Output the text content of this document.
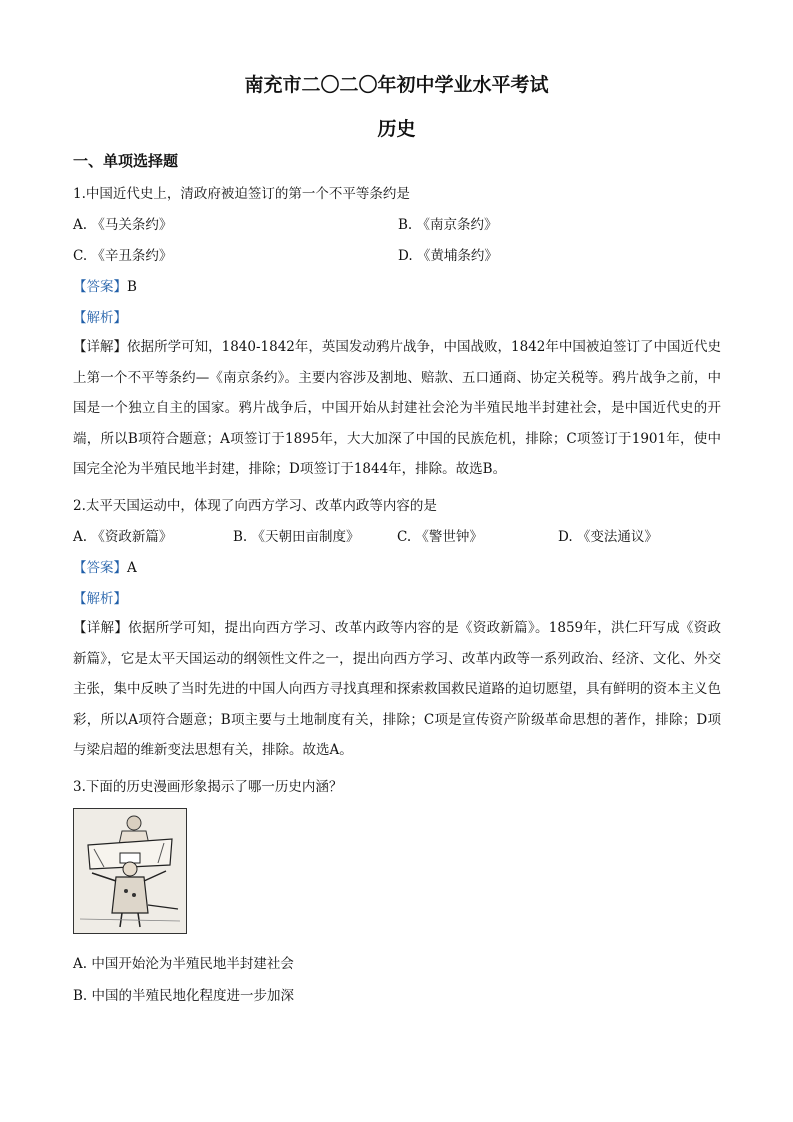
南充市二〇二〇年初中学业水平考试
历史
一、单项选择题
1.中国近代史上，清政府被迫签订的第一个不平等条约是
A. 《马关条约》	B. 《南京条约》
C. 《辛丑条约》	D. 《黄埔条约》
【答案】B
【解析】
【详解】依据所学可知，1840-1842年，英国发动鸦片战争，中国战败，1842年中国被迫签订了中国近代史上第一个不平等条约—《南京条约》。主要内容涉及割地、赔款、五口通商、协定关税等。鸦片战争之前，中国是一个独立自主的国家。鸦片战争后，中国开始从封建社会沦为半殖民地半封建社会，是中国近代史的开端，所以B项符合题意；A项签订于1895年，大大加深了中国的民族危机，排除；C项签订于1901年，使中国完全沦为半殖民地半封建，排除；D项签订于1844年，排除。故选B。
2.太平天国运动中，体现了向西方学习、改革内政等内容的是
A. 《资政新篇》	B. 《天朝田亩制度》	C. 《警世钟》	D. 《变法通议》
【答案】A
【解析】
【详解】依据所学可知，提出向西方学习、改革内政等内容的是《资政新篇》。1859年，洪仁玕写成《资政新篇》，它是太平天国运动的纲领性文件之一，提出向西方学习、改革内政等一系列政治、经济、文化、外交主张，集中反映了当时先进的中国人向西方寻找真理和探索救国救民道路的迫切愿望，具有鲜明的资本主义色彩，所以A项符合题意；B项主要与土地制度有关，排除；C项是宣传资产阶级革命思想的著作，排除；D项与梁启超的维新变法思想有关，排除。故选A。
3.下面的历史漫画形象揭示了哪一历史内涵？
A. 中国开始沦为半殖民地半封建社会
B. 中国的半殖民地化程度进一步加深
